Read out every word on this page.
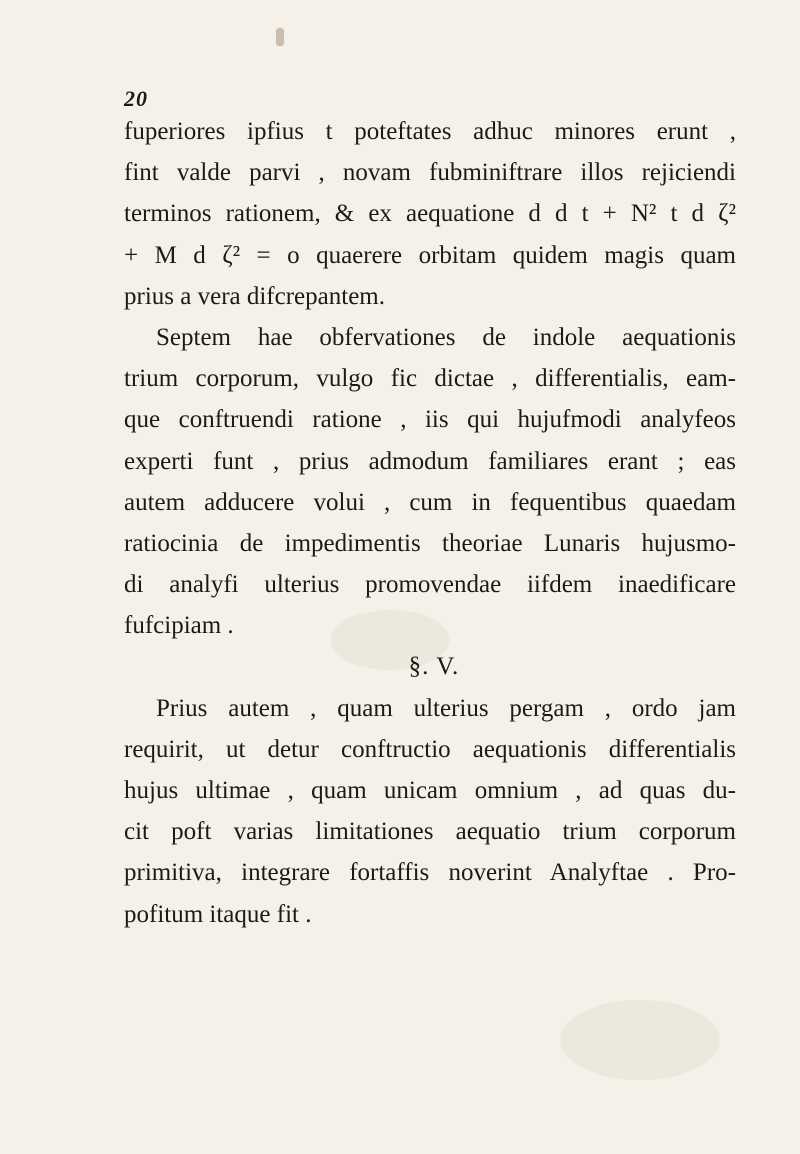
20
fuperiores ipfius t poteftates adhuc minores erunt ,
fint valde parvi , novam fubminiftrare illos rejiciendi
terminos rationem, & ex aequatione d d t + N² t d ζ²
+ M d ζ² = o quaerere orbitam quidem magis quam
prius a vera difcrepantem.
Septem hae obfervationes de indole aequationis
trium corporum, vulgo fic dictae , differentialis, eam-
que conftruendi ratione , iis qui hujufmodi analyfeos
experti funt , prius admodum familiares erant ; eas
autem adducere volui , cum in fequentibus quaedam
ratiocinia de impedimentis theoriae Lunaris hujusmo-
di analyfi ulterius promovendae iifdem inaedificare
fufcipiam .
§. V.
Prius autem , quam ulterius pergam , ordo jam
requirit, ut detur conftructio aequationis differentialis
hujus ultimae , quam unicam omnium , ad quas du-
cit poft varias limitationes aequatio trium corporum
primitiva, integrare fortaffis noverint Analyftae . Pro-
pofitum itaque fit .
